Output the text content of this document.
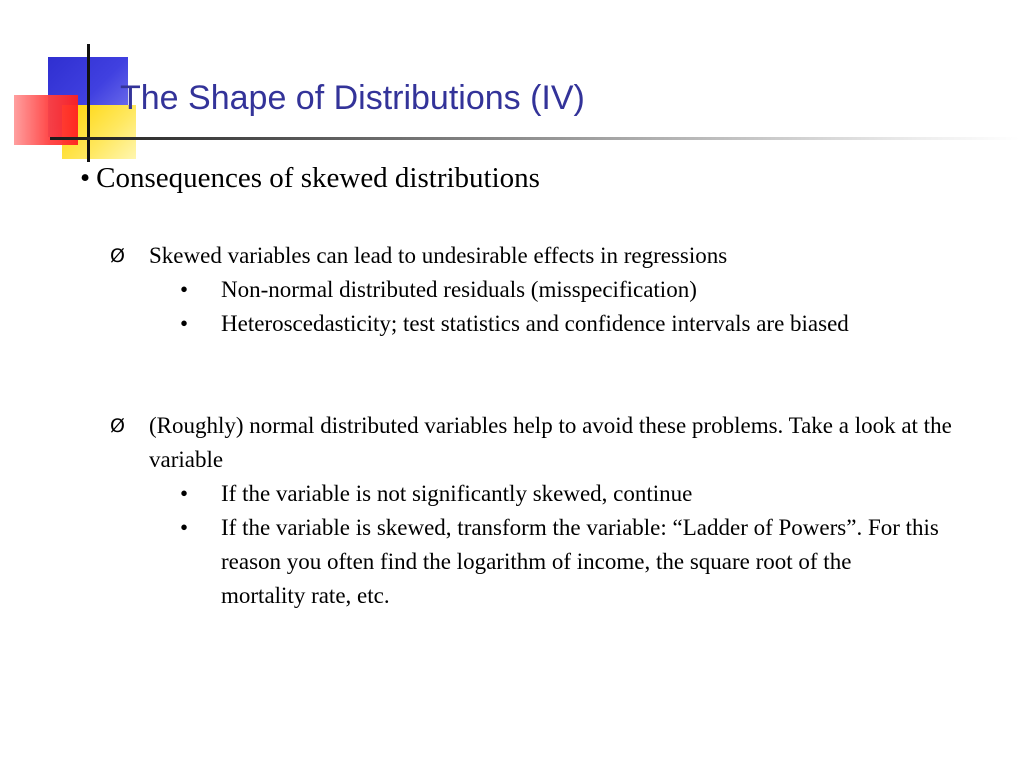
The Shape of Distributions (IV)
• Consequences of skewed distributions
Ø	Skewed variables can lead to undesirable effects in regressions
•	Non-normal distributed residuals (misspecification)
•	Heteroscedasticity; test statistics and confidence intervals are biased
Ø	(Roughly) normal distributed variables help to avoid these problems. Take a look at the variable
•	If the variable is not significantly skewed, continue
•	If the variable is skewed, transform the variable: “Ladder of Powers”. For this reason you often find the logarithm of income, the square root of the mortality rate, etc.
